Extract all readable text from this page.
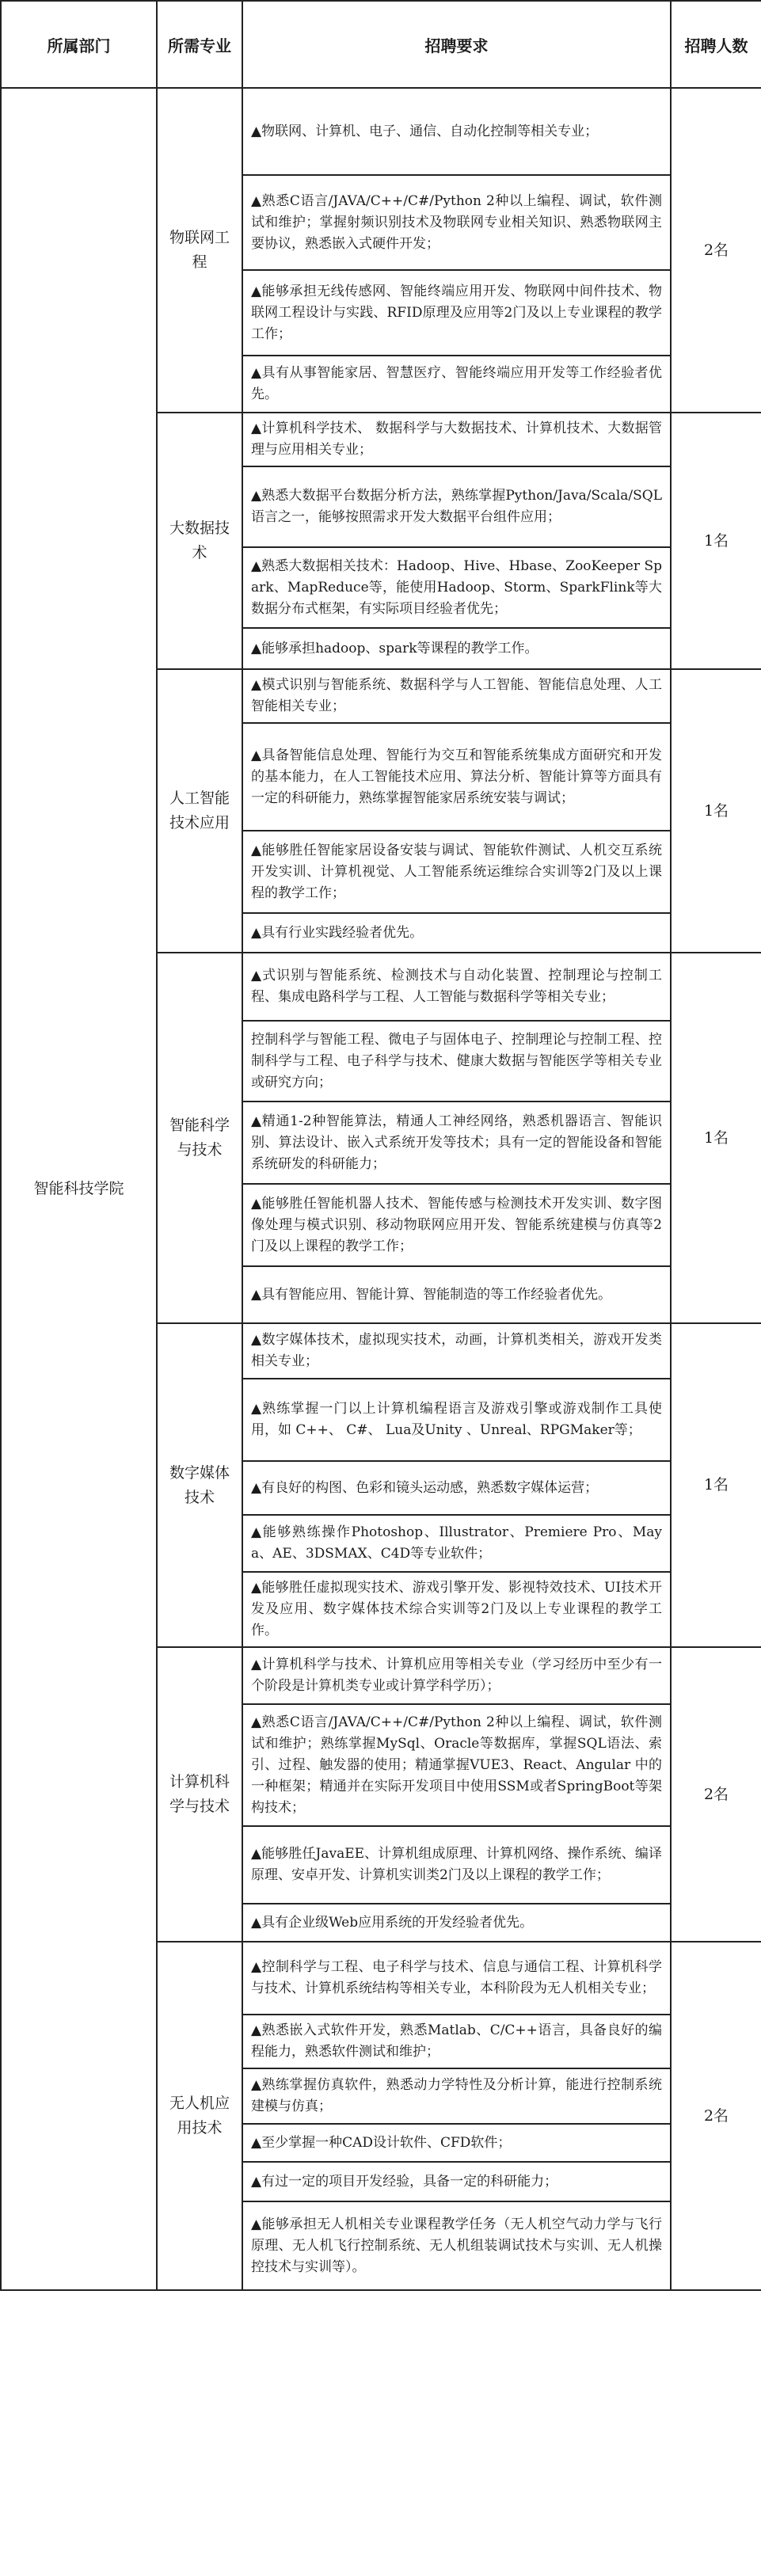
所属部门	所需专业	招聘要求	招聘人数
智能科技学院	物联网工程	▲物联网、计算机、电子、通信、自动化控制等相关专业；	2名
		▲熟悉C语言/JAVA/C++/C#/Python 2种以上编程、调试，软件测试和维护；掌握射频识别技术及物联网专业相关知识、熟悉物联网主要协议，熟悉嵌入式硬件开发；	
		▲能够承担无线传感网、智能终端应用开发、物联网中间件技术、物联网工程设计与实践、RFID原理及应用等2门及以上专业课程的教学工作；	
		▲具有从事智能家居、智慧医疗、智能终端应用开发等工作经验者优先。	
	大数据技术	▲计算机科学技术、 数据科学与大数据技术、计算机技术、大数据管理与应用相关专业；	1名
		▲熟悉大数据平台数据分析方法，熟练掌握Python/Java/Scala/SQL 语言之一，能够按照需求开发大数据平台组件应用；	
		▲熟悉大数据相关技术：Hadoop、Hive、Hbase、ZooKeeper Spark、MapReduce等，能使用Hadoop、Storm、SparkFlink等大数据分布式框架，有实际项目经验者优先；	
		▲能够承担hadoop、spark等课程的教学工作。	
	人工智能技术应用	▲模式识别与智能系统、数据科学与人工智能、智能信息处理、人工智能相关专业；	1名
		▲具备智能信息处理、智能行为交互和智能系统集成方面研究和开发的基本能力，在人工智能技术应用、算法分析、智能计算等方面具有一定的科研能力，熟练掌握智能家居系统安装与调试；	
		▲能够胜任智能家居设备安装与调试、智能软件测试、人机交互系统开发实训、计算机视觉、人工智能系统运维综合实训等2门及以上课程的教学工作；	
		▲具有行业实践经验者优先。	
	智能科学与技术	▲式识别与智能系统、检测技术与自动化装置、控制理论与控制工程、集成电路科学与工程、人工智能与数据科学等相关专业；	1名
		控制科学与智能工程、微电子与固体电子、控制理论与控制工程、控制科学与工程、电子科学与技术、健康大数据与智能医学等相关专业或研究方向；	
		▲精通1-2种智能算法，精通人工神经网络，熟悉机器语言、智能识别、算法设计、嵌入式系统开发等技术；具有一定的智能设备和智能系统研发的科研能力；	
		▲能够胜任智能机器人技术、智能传感与检测技术开发实训、数字图像处理与模式识别、移动物联网应用开发、智能系统建模与仿真等2门及以上课程的教学工作；	
		▲具有智能应用、智能计算、智能制造的等工作经验者优先。	
	数字媒体技术	▲数字媒体技术，虚拟现实技术，动画，计算机类相关，游戏开发类相关专业；	1名
		▲熟练掌握一门以上计算机编程语言及游戏引擎或游戏制作工具使用，如 C++、 C#、 Lua及Unity 、Unreal、RPGMaker等；	
		▲有良好的构图、色彩和镜头运动感，熟悉数字媒体运营；	
		▲能够熟练操作Photoshop、Illustrator、Premiere Pro、Maya、AE、3DSMAX、C4D等专业软件；	
		▲能够胜任虚拟现实技术、游戏引擎开发、影视特效技术、UI技术开发及应用、数字媒体技术综合实训等2门及以上专业课程的教学工作。	
	计算机科学与技术	▲计算机科学与技术、计算机应用等相关专业（学习经历中至少有一个阶段是计算机类专业或计算学科学历）；	2名
		▲熟悉C语言/JAVA/C++/C#/Python 2种以上编程、调试，软件测试和维护；熟练掌握MySql、Oracle等数据库，掌握SQL语法、索引、过程、触发器的使用；精通掌握VUE3、React、Angular 中的一种框架；精通并在实际开发项目中使用SSM或者SpringBoot等架构技术；	
		▲能够胜任JavaEE、计算机组成原理、计算机网络、操作系统、编译原理、安卓开发、计算机实训类2门及以上课程的教学工作；	
		▲具有企业级Web应用系统的开发经验者优先。	
	无人机应用技术	▲控制科学与工程、电子科学与技术、信息与通信工程、计算机科学与技术、计算机系统结构等相关专业，本科阶段为无人机相关专业；	2名
		▲熟悉嵌入式软件开发，熟悉Matlab、C/C++语言，具备良好的编程能力，熟悉软件测试和维护；	
		▲熟练掌握仿真软件，熟悉动力学特性及分析计算，能进行控制系统建模与仿真；	
		▲至少掌握一种CAD设计软件、CFD软件；	
		▲有过一定的项目开发经验，具备一定的科研能力；	
		▲能够承担无人机相关专业课程教学任务（无人机空气动力学与飞行原理、无人机飞行控制系统、无人机组装调试技术与实训、无人机操控技术与实训等）。	
